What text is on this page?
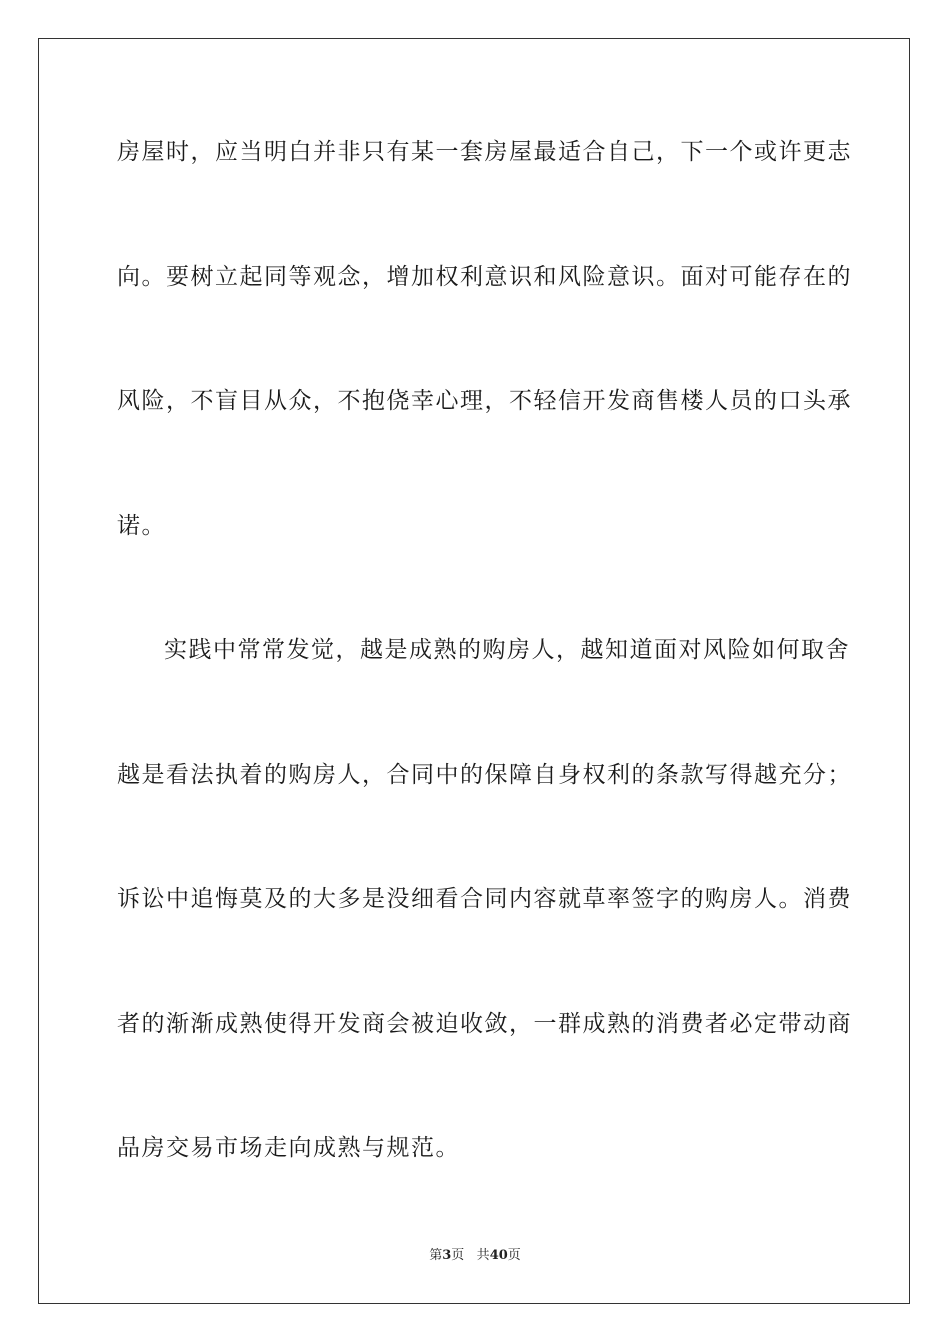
房屋时，应当明白并非只有某一套房屋最适合自己，下一个或许更志
向。要树立起同等观念，增加权利意识和风险意识。面对可能存在的
风险，不盲目从众，不抱侥幸心理，不轻信开发商售楼人员的口头承
诺。
实践中常常发觉，越是成熟的购房人，越知道面对风险如何取舍
越是看法执着的购房人，合同中的保障自身权利的条款写得越充分；
诉讼中追悔莫及的大多是没细看合同内容就草率签字的购房人。消费
者的渐渐成熟使得开发商会被迫收敛，一群成熟的消费者必定带动商
品房交易市场走向成熟与规范。
第3页 共40页
